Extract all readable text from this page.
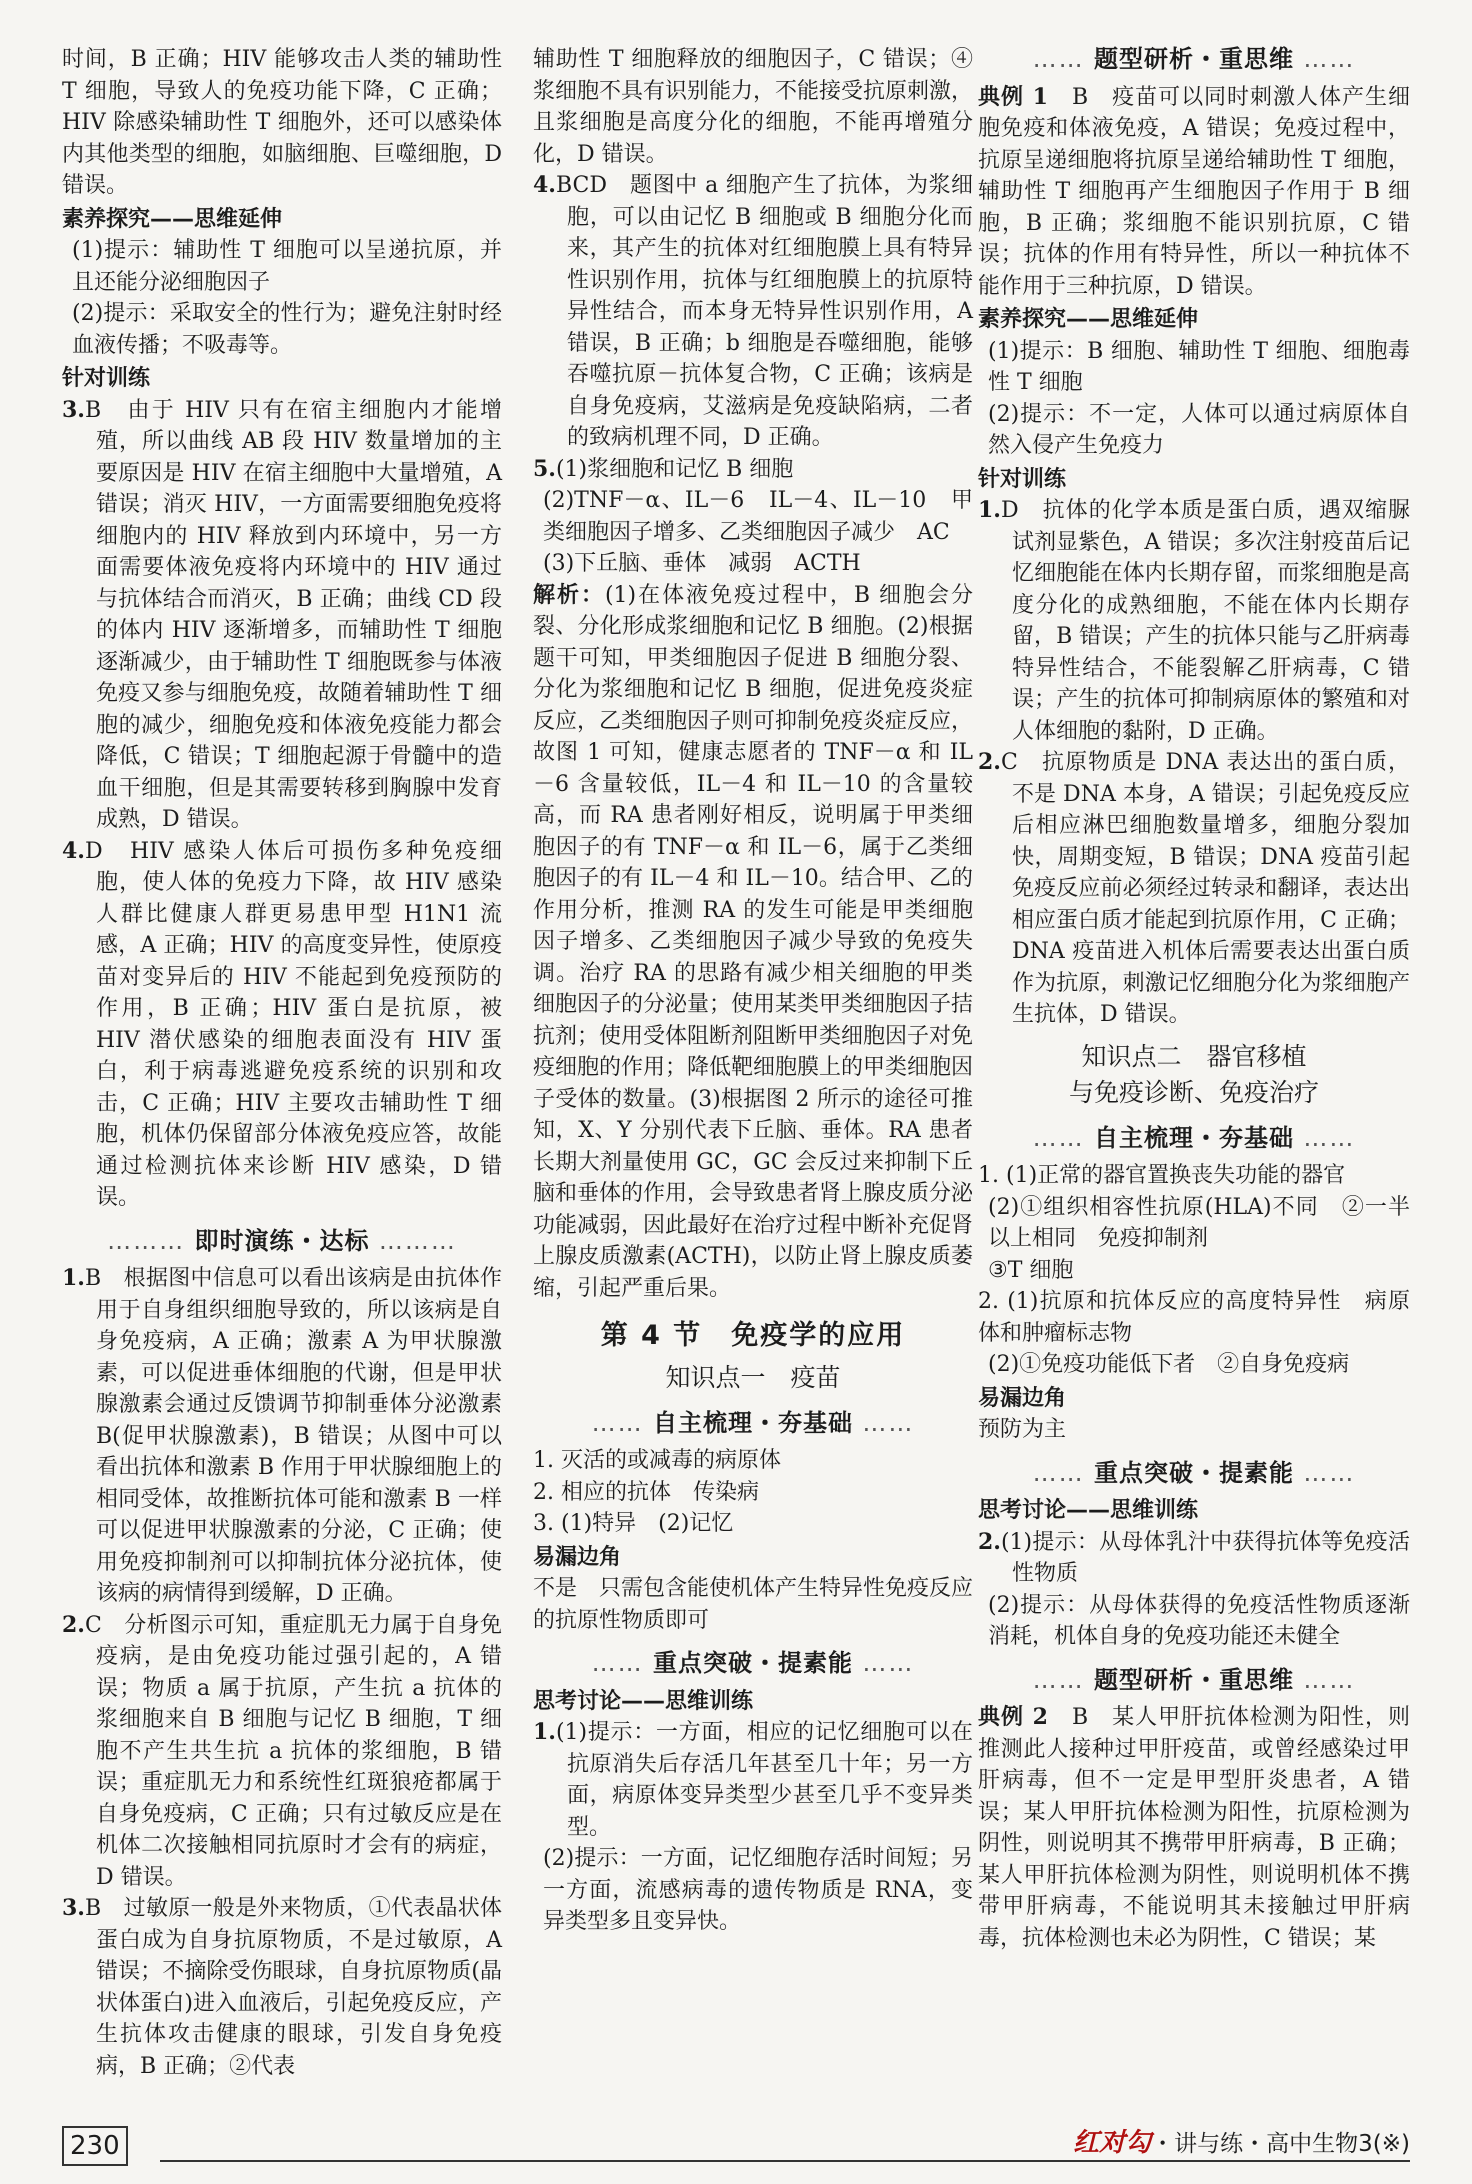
时间，B 正确；HIV 能够攻击人类的辅助性 T 细胞，导致人的免疫功能下降，C 正确；HIV 除感染辅助性 T 细胞外，还可以感染体内其他类型的细胞，如脑细胞、巨噬细胞，D 错误。

素养探究——思维延伸

(1)提示：辅助性 T 细胞可以呈递抗原，并且还能分泌细胞因子

(2)提示：采取安全的性行为；避免注射时经血液传播；不吸毒等。

针对训练

3.B　由于 HIV 只有在宿主细胞内才能增殖，所以曲线 AB 段 HIV 数量增加的主要原因是 HIV 在宿主细胞中大量增殖，A 错误；消灭 HIV，一方面需要细胞免疫将细胞内的 HIV 释放到内环境中，另一方面需要体液免疫将内环境中的 HIV 通过与抗体结合而消灭，B 正确；曲线 CD 段的体内 HIV 逐渐增多，而辅助性 T 细胞逐渐减少，由于辅助性 T 细胞既参与体液免疫又参与细胞免疫，故随着辅助性 T 细胞的减少，细胞免疫和体液免疫能力都会降低，C 错误；T 细胞起源于骨髓中的造血干细胞，但是其需要转移到胸腺中发育成熟，D 错误。

4.D　HIV 感染人体后可损伤多种免疫细胞，使人体的免疫力下降，故 HIV 感染人群比健康人群更易患甲型 H1N1 流感，A 正确；HIV 的高度变异性，使原疫苗对变异后的 HIV 不能起到免疫预防的作用，B 正确；HIV 蛋白是抗原，被 HIV 潜伏感染的细胞表面没有 HIV 蛋白，利于病毒逃避免疫系统的识别和攻击，C 正确；HIV 主要攻击辅助性 T 细胞，机体仍保留部分体液免疫应答，故能通过检测抗体来诊断 HIV 感染，D 错误。

……… 即时演练・达标 ………

1.B　根据图中信息可以看出该病是由抗体作用于自身组织细胞导致的，所以该病是自身免疫病，A 正确；激素 A 为甲状腺激素，可以促进垂体细胞的代谢，但是甲状腺激素会通过反馈调节抑制垂体分泌激素 B(促甲状腺激素)，B 错误；从图中可以看出抗体和激素 B 作用于甲状腺细胞上的相同受体，故推断抗体可能和激素 B 一样可以促进甲状腺激素的分泌，C 正确；使用免疫抑制剂可以抑制抗体分泌抗体，使该病的病情得到缓解，D 正确。

2.C　分析图示可知，重症肌无力属于自身免疫病，是由免疫功能过强引起的，A 错误；物质 a 属于抗原，产生抗 a 抗体的浆细胞来自 B 细胞与记忆 B 细胞，T 细胞不产生共生抗 a 抗体的浆细胞，B 错误；重症肌无力和系统性红斑狼疮都属于自身免疫病，C 正确；只有过敏反应是在机体二次接触相同抗原时才会有的病症，D 错误。

3.B　过敏原一般是外来物质，①代表晶状体蛋白成为自身抗原物质，不是过敏原，A 错误；不摘除受伤眼球，自身抗原物质(晶状体蛋白)进入血液后，引起免疫反应，产生抗体攻击健康的眼球，引发自身免疫病，B 正确；②代表

辅助性 T 细胞释放的细胞因子，C 错误；④浆细胞不具有识别能力，不能接受抗原刺激，且浆细胞是高度分化的细胞，不能再增殖分化，D 错误。

4.BCD　题图中 a 细胞产生了抗体，为浆细胞，可以由记忆 B 细胞或 B 细胞分化而来，其产生的抗体对红细胞膜上具有特异性识别作用，抗体与红细胞膜上的抗原特异性结合，而本身无特异性识别作用，A 错误，B 正确；b 细胞是吞噬细胞，能够吞噬抗原－抗体复合物，C 正确；该病是自身免疫病，艾滋病是免疫缺陷病，二者的致病机理不同，D 正确。

5.(1)浆细胞和记忆 B 细胞

(2)TNF－α、IL－6　IL－4、IL－10　甲类细胞因子增多、乙类细胞因子减少　AC

(3)下丘脑、垂体　减弱　ACTH

解析：(1)在体液免疫过程中，B 细胞会分裂、分化形成浆细胞和记忆 B 细胞。(2)根据题干可知，甲类细胞因子促进 B 细胞分裂、分化为浆细胞和记忆 B 细胞，促进免疫炎症反应，乙类细胞因子则可抑制免疫炎症反应，故图 1 可知，健康志愿者的 TNF－α 和 IL－6 含量较低，IL－4 和 IL－10 的含量较高，而 RA 患者刚好相反，说明属于甲类细胞因子的有 TNF－α 和 IL－6，属于乙类细胞因子的有 IL－4 和 IL－10。结合甲、乙的作用分析，推测 RA 的发生可能是甲类细胞因子增多、乙类细胞因子减少导致的免疫失调。治疗 RA 的思路有减少相关细胞的甲类细胞因子的分泌量；使用某类甲类细胞因子拮抗剂；使用受体阻断剂阻断甲类细胞因子对免疫细胞的作用；降低靶细胞膜上的甲类细胞因子受体的数量。(3)根据图 2 所示的途径可推知，X、Y 分别代表下丘脑、垂体。RA 患者长期大剂量使用 GC，GC 会反过来抑制下丘脑和垂体的作用，会导致患者肾上腺皮质分泌功能减弱，因此最好在治疗过程中断补充促肾上腺皮质激素(ACTH)，以防止肾上腺皮质萎缩，引起严重后果。

第 4 节　免疫学的应用
知识点一　疫苗
…… 自主梳理・夯基础 ……

1. 灭活的或减毒的病原体

2. 相应的抗体　传染病

3. (1)特异　(2)记忆

易漏边角

不是　只需包含能使机体产生特异性免疫反应的抗原性物质即可

…… 重点突破・提素能 ……
思考讨论——思维训练

1.(1)提示：一方面，相应的记忆细胞可以在抗原消失后存活几年甚至几十年；另一方面，病原体变异类型少甚至几乎不变异类型。

(2)提示：一方面，记忆细胞存活时间短；另一方面，流感病毒的遗传物质是 RNA，变异类型多且变异快。

…… 题型研析・重思维 ……

典例 1　 B　疫苗可以同时刺激人体产生细胞免疫和体液免疫，A 错误；免疫过程中，抗原呈递细胞将抗原呈递给辅助性 T 细胞，辅助性 T 细胞再产生细胞因子作用于 B 细胞，B 正确；浆细胞不能识别抗原，C 错误；抗体的作用有特异性，所以一种抗体不能作用于三种抗原，D 错误。

素养探究——思维延伸

(1)提示：B 细胞、辅助性 T 细胞、细胞毒性 T 细胞

(2)提示：不一定，人体可以通过病原体自然入侵产生免疫力

针对训练

1.D　抗体的化学本质是蛋白质，遇双缩脲试剂显紫色，A 错误；多次注射疫苗后记忆细胞能在体内长期存留，而浆细胞是高度分化的成熟细胞，不能在体内长期存留，B 错误；产生的抗体只能与乙肝病毒特异性结合，不能裂解乙肝病毒，C 错误；产生的抗体可抑制病原体的繁殖和对人体细胞的黏附，D 正确。

2.C　抗原物质是 DNA 表达出的蛋白质，不是 DNA 本身，A 错误；引起免疫反应后相应淋巴细胞数量增多，细胞分裂加快，周期变短，B 错误；DNA 疫苗引起免疫反应前必须经过转录和翻译，表达出相应蛋白质才能起到抗原作用，C 正确；DNA 疫苗进入机体后需要表达出蛋白质作为抗原，刺激记忆细胞分化为浆细胞产生抗体，D 错误。

知识点二　器官移植
与免疫诊断、免疫治疗
…… 自主梳理・夯基础 ……

1. (1)正常的器官置换丧失功能的器官

(2)①组织相容性抗原(HLA)不同　②一半以上相同　免疫抑制剂

③T 细胞

2. (1)抗原和抗体反应的高度特异性　病原体和肿瘤标志物

(2)①免疫功能低下者　②自身免疫病

易漏边角

预防为主

…… 重点突破・提素能 ……
思考讨论——思维训练

2.(1)提示：从母体乳汁中获得抗体等免疫活性物质

(2)提示：从母体获得的免疫活性物质逐渐消耗，机体自身的免疫功能还未健全

…… 题型研析・重思维 ……

典例 2　 B　某人甲肝抗体检测为阳性，则推测此人接种过甲肝疫苗，或曾经感染过甲肝病毒，但不一定是甲型肝炎患者，A 错误；某人甲肝抗体检测为阳性，抗原检测为阴性，则说明其不携带甲肝病毒，B 正确；某人甲肝抗体检测为阴性，则说明机体不携带甲肝病毒，不能说明其未接触过甲肝病毒，抗体检测也未必为阴性，C 错误；某

230	红对勾・讲与练・高中生物3(※)
